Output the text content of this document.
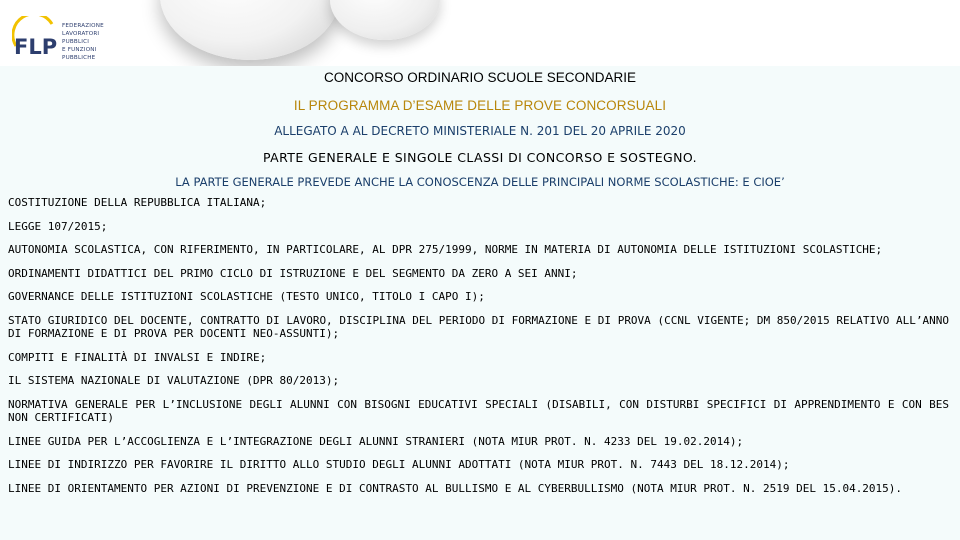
FLP
FEDERAZIONE
LAVORATORI PUBBLICI
E FUNZIONI PUBBLICHE
CONCORSO ORDINARIO SCUOLE SECONDARIE
IL PROGRAMMA D’ESAME DELLE PROVE CONCORSUALI
ALLEGATO A AL DECRETO MINISTERIALE N. 201 DEL 20 APRILE 2020
PARTE GENERALE E SINGOLE CLASSI DI CONCORSO E SOSTEGNO.
LA PARTE GENERALE PREVEDE ANCHE LA CONOSCENZA DELLE PRINCIPALI NORME SCOLASTICHE: E CIOE’
COSTITUZIONE DELLA REPUBBLICA ITALIANA;
LEGGE 107/2015;
AUTONOMIA SCOLASTICA, CON RIFERIMENTO, IN PARTICOLARE, AL DPR 275/1999, NORME IN MATERIA DI AUTONOMIA DELLE ISTITUZIONI SCOLASTICHE;
ORDINAMENTI DIDATTICI DEL PRIMO CICLO DI ISTRUZIONE E DEL SEGMENTO DA ZERO A SEI ANNI;
GOVERNANCE DELLE ISTITUZIONI SCOLASTICHE (TESTO UNICO, TITOLO I CAPO I);
STATO GIURIDICO DEL DOCENTE, CONTRATTO DI LAVORO, DISCIPLINA DEL PERIODO DI FORMAZIONE E DI PROVA (CCNL VIGENTE; DM 850/2015 RELATIVO ALL’ANNO DI FORMAZIONE E DI PROVA PER DOCENTI NEO-ASSUNTI);
COMPITI E FINALITÀ DI INVALSI E INDIRE;
IL SISTEMA NAZIONALE DI VALUTAZIONE (DPR 80/2013);
NORMATIVA GENERALE PER L’INCLUSIONE DEGLI ALUNNI CON BISOGNI EDUCATIVI SPECIALI (DISABILI, CON DISTURBI SPECIFICI DI APPRENDIMENTO E CON BES NON CERTIFICATI)
LINEE GUIDA PER L’ACCOGLIENZA E L’INTEGRAZIONE DEGLI ALUNNI STRANIERI (NOTA MIUR PROT. N. 4233 DEL 19.02.2014);
LINEE DI INDIRIZZO PER FAVORIRE IL DIRITTO ALLO STUDIO DEGLI ALUNNI ADOTTATI (NOTA MIUR PROT. N. 7443 DEL 18.12.2014);
LINEE DI ORIENTAMENTO PER AZIONI DI PREVENZIONE E DI CONTRASTO AL BULLISMO E AL CYBERBULLISMO (NOTA MIUR PROT. N. 2519 DEL 15.04.2015).
